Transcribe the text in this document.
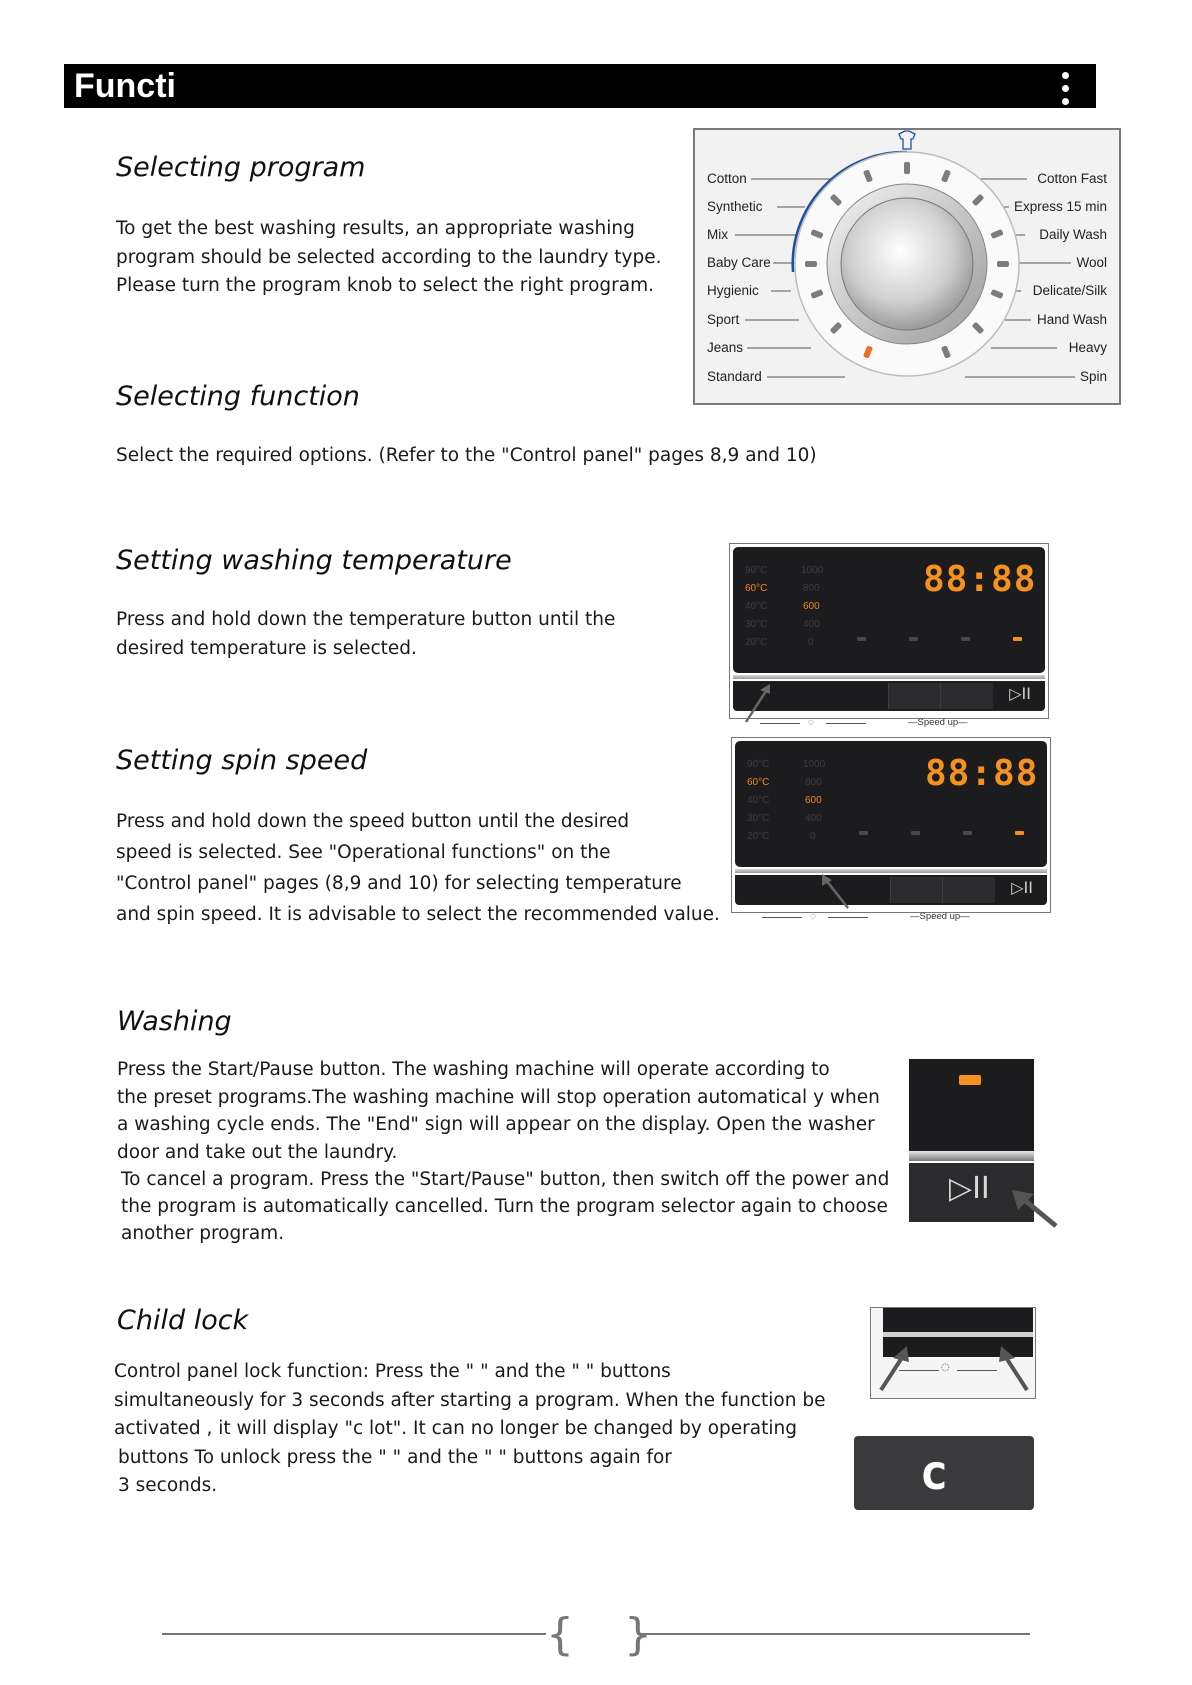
Functi
Selecting program
To get the best washing results, an appropriate washing
program should be selected according to the laundry type.
Please turn the program knob to select the right program.
Cotton
Synthetic
Mix
Baby Care
Hygienic
Sport
Jeans
Standard
Cotton Fast
Express 15 min
Daily Wash
Wool
Delicate/Silk
Hand Wash
Heavy
Spin
Selecting function
Select the required options. (Refer to the "Control panel" pages 8,9 and 10)
Setting washing temperature
Press and hold down the temperature button until the
desired temperature is selected.
90°C
60°C
40°C
30°C
20°C
1000
800
600
400
0
88:88
▷II
◌	—Speed up—
Setting spin speed
Press and hold down the speed button until the desired
speed is selected. See "Operational functions" on the
"Control panel" pages (8,9 and 10) for selecting temperature
and spin speed. It is advisable to select the recommended value.
90°C
60°C
40°C
30°C
20°C
1000
800
600
400
0
88:88
▷II
◌	—Speed up—
Washing
Press the Start/Pause button. The washing machine will operate according to
the preset programs.The washing machine will stop operation automatical y when
a washing cycle ends. The "End" sign will appear on the display. Open the washer
door and take out the laundry.
To cancel a program. Press the "Start/Pause" button, then switch off the power and
the program is automatically cancelled. Turn the program selector again to choose
another program.
▷II
Child lock
Control panel lock function: Press the " " and the " " buttons
simultaneously for 3 seconds after starting a program. When the function be
activated , it will display "c lot". It can no longer be changed by operating
buttons To unlock press the " " and the " " buttons again for
3 seconds.
◌
c lot
{ }
